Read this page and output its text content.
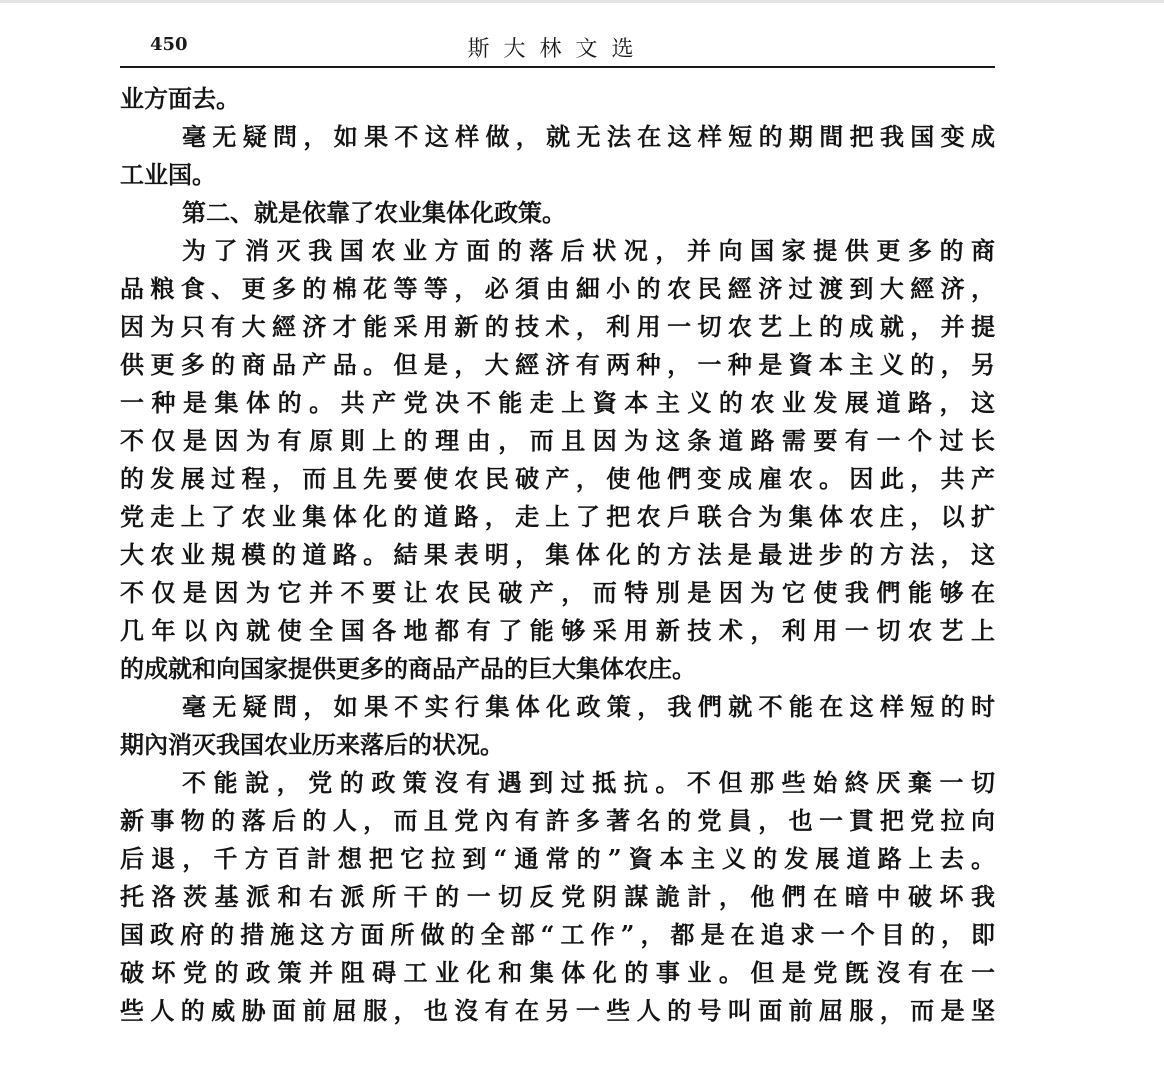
450	斯大林文选
业方面去。
毫无疑問，如果不这样做，就无法在这样短的期間把我国变成
工业国。
第二、就是依靠了农业集体化政策。
为了消灭我国农业方面的落后状况，并向国家提供更多的商
品粮食、更多的棉花等等，必須由細小的农民經济过渡到大經济，
因为只有大經济才能采用新的技术，利用一切农艺上的成就，并提
供更多的商品产品。但是，大經济有两种，一种是資本主义的，另
一种是集体的。共产党决不能走上資本主义的农业发展道路，这
不仅是因为有原則上的理由，而且因为这条道路需要有一个过长
的发展过程，而且先要使农民破产，使他們变成雇农。因此，共产
党走上了农业集体化的道路，走上了把农戶联合为集体农庄，以扩
大农业規模的道路。結果表明，集体化的方法是最进步的方法，这
不仅是因为它并不要让农民破产，而特別是因为它使我們能够在
几年以內就使全国各地都有了能够采用新技术，利用一切农艺上
的成就和向国家提供更多的商品产品的巨大集体农庄。
毫无疑問，如果不实行集体化政策，我們就不能在这样短的时
期內消灭我国农业历来落后的状况。
不能說，党的政策沒有遇到过抵抗。不但那些始終厌棄一切
新事物的落后的人，而且党內有許多著名的党員，也一貫把党拉向
后退，千方百計想把它拉到“通常的”資本主义的发展道路上去。
托洛茨基派和右派所干的一切反党阴謀詭計，他們在暗中破坏我
国政府的措施这方面所做的全部“工作”，都是在追求一个目的，即
破坏党的政策并阻碍工业化和集体化的事业。但是党旣沒有在一
些人的威胁面前屈服，也沒有在另一些人的号叫面前屈服，而是坚
